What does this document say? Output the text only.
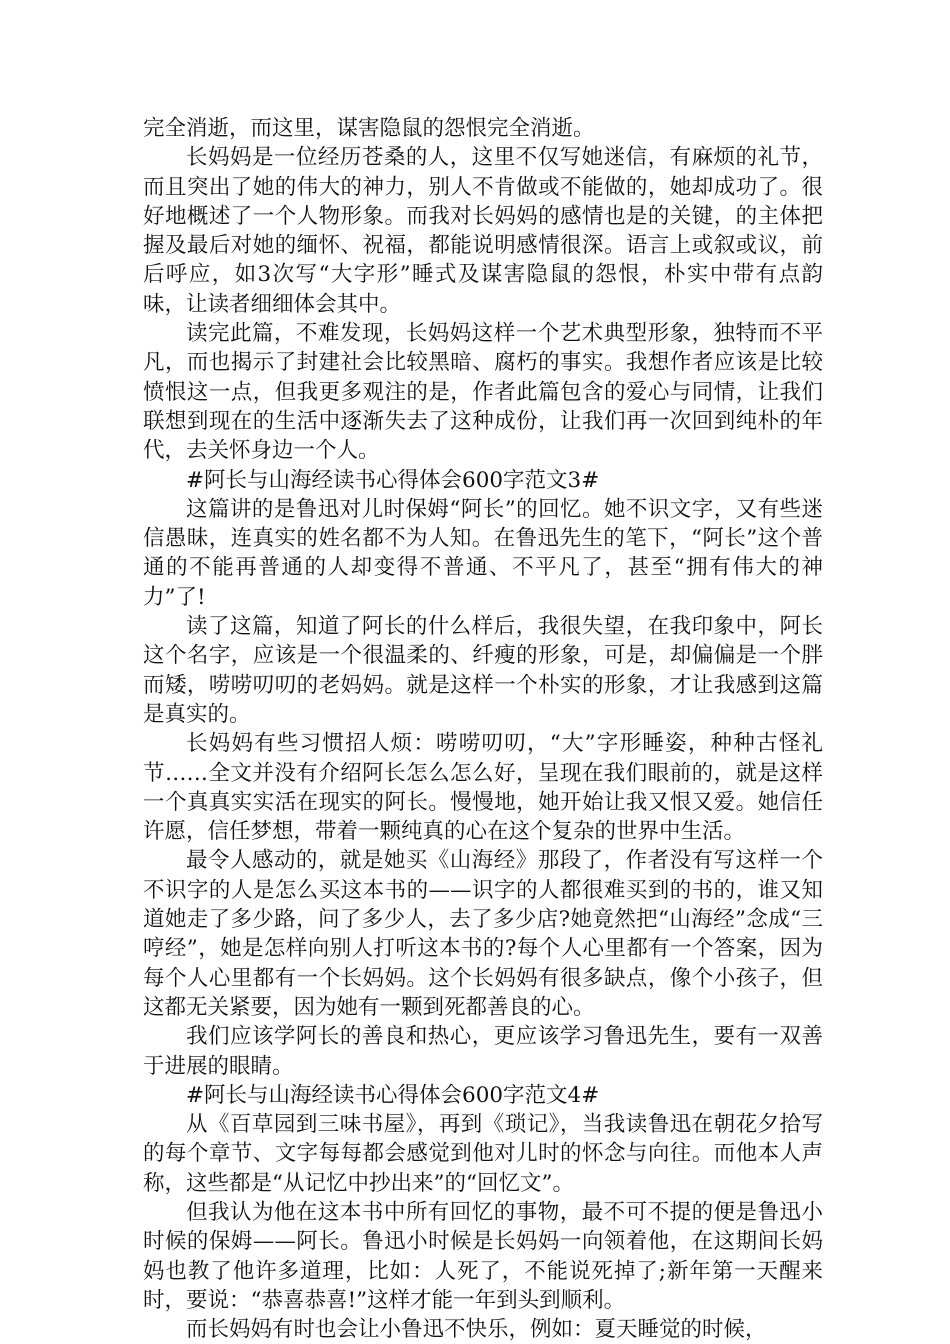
完全消逝，而这里，谋害隐鼠的怨恨完全消逝。

长妈妈是一位经历苍桑的人，这里不仅写她迷信，有麻烦的礼节，而且突出了她的伟大的神力，别人不肯做或不能做的，她却成功了。很好地概述了一个人物形象。而我对长妈妈的感情也是的关键，的主体把握及最后对她的缅怀、祝福，都能说明感情很深。语言上或叙或议，前后呼应，如3次写“大字形”睡式及谋害隐鼠的怨恨，朴实中带有点韵味，让读者细细体会其中。

读完此篇，不难发现，长妈妈这样一个艺术典型形象，独特而不平凡，而也揭示了封建社会比较黑暗、腐朽的事实。我想作者应该是比较愤恨这一点，但我更多观注的是，作者此篇包含的爱心与同情，让我们联想到现在的生活中逐渐失去了这种成份，让我们再一次回到纯朴的年代，去关怀身边一个人。

#阿长与山海经读书心得体会600字范文3#

这篇讲的是鲁迅对儿时保姆“阿长”的回忆。她不识文字，又有些迷信愚昧，连真实的姓名都不为人知。在鲁迅先生的笔下，“阿长”这个普通的不能再普通的人却变得不普通、不平凡了，甚至“拥有伟大的神力”了!

读了这篇，知道了阿长的什么样后，我很失望，在我印象中，阿长这个名字，应该是一个很温柔的、纤瘦的形象，可是，却偏偏是一个胖而矮，唠唠叨叨的老妈妈。就是这样一个朴实的形象，才让我感到这篇是真实的。

长妈妈有些习惯招人烦：唠唠叨叨，“大”字形睡姿，种种古怪礼节……全文并没有介绍阿长怎么怎么好，呈现在我们眼前的，就是这样一个真真实实活在现实的阿长。慢慢地，她开始让我又恨又爱。她信任许愿，信任梦想，带着一颗纯真的心在这个复杂的世界中生活。

最令人感动的，就是她买《山海经》那段了，作者没有写这样一个不识字的人是怎么买这本书的——识字的人都很难买到的书的，谁又知道她走了多少路，问了多少人，去了多少店?她竟然把“山海经”念成“三哼经”，她是怎样向别人打听这本书的?每个人心里都有一个答案，因为每个人心里都有一个长妈妈。这个长妈妈有很多缺点，像个小孩子，但这都无关紧要，因为她有一颗到死都善良的心。

我们应该学阿长的善良和热心，更应该学习鲁迅先生，要有一双善于进展的眼睛。

#阿长与山海经读书心得体会600字范文4#

从《百草园到三味书屋》，再到《琐记》，当我读鲁迅在朝花夕拾写的每个章节、文字每每都会感觉到他对儿时的怀念与向往。而他本人声称，这些都是“从记忆中抄出来”的“回忆文”。

但我认为他在这本书中所有回忆的事物，最不可不提的便是鲁迅小时候的保姆——阿长。鲁迅小时候是长妈妈一向领着他，在这期间长妈妈也教了他许多道理，比如：人死了，不能说死掉了;新年第一天醒来时，要说：“恭喜恭喜!”这样才能一年到头到顺利。

而长妈妈有时也会让小鲁迅不快乐，例如：夏天睡觉的时候，
